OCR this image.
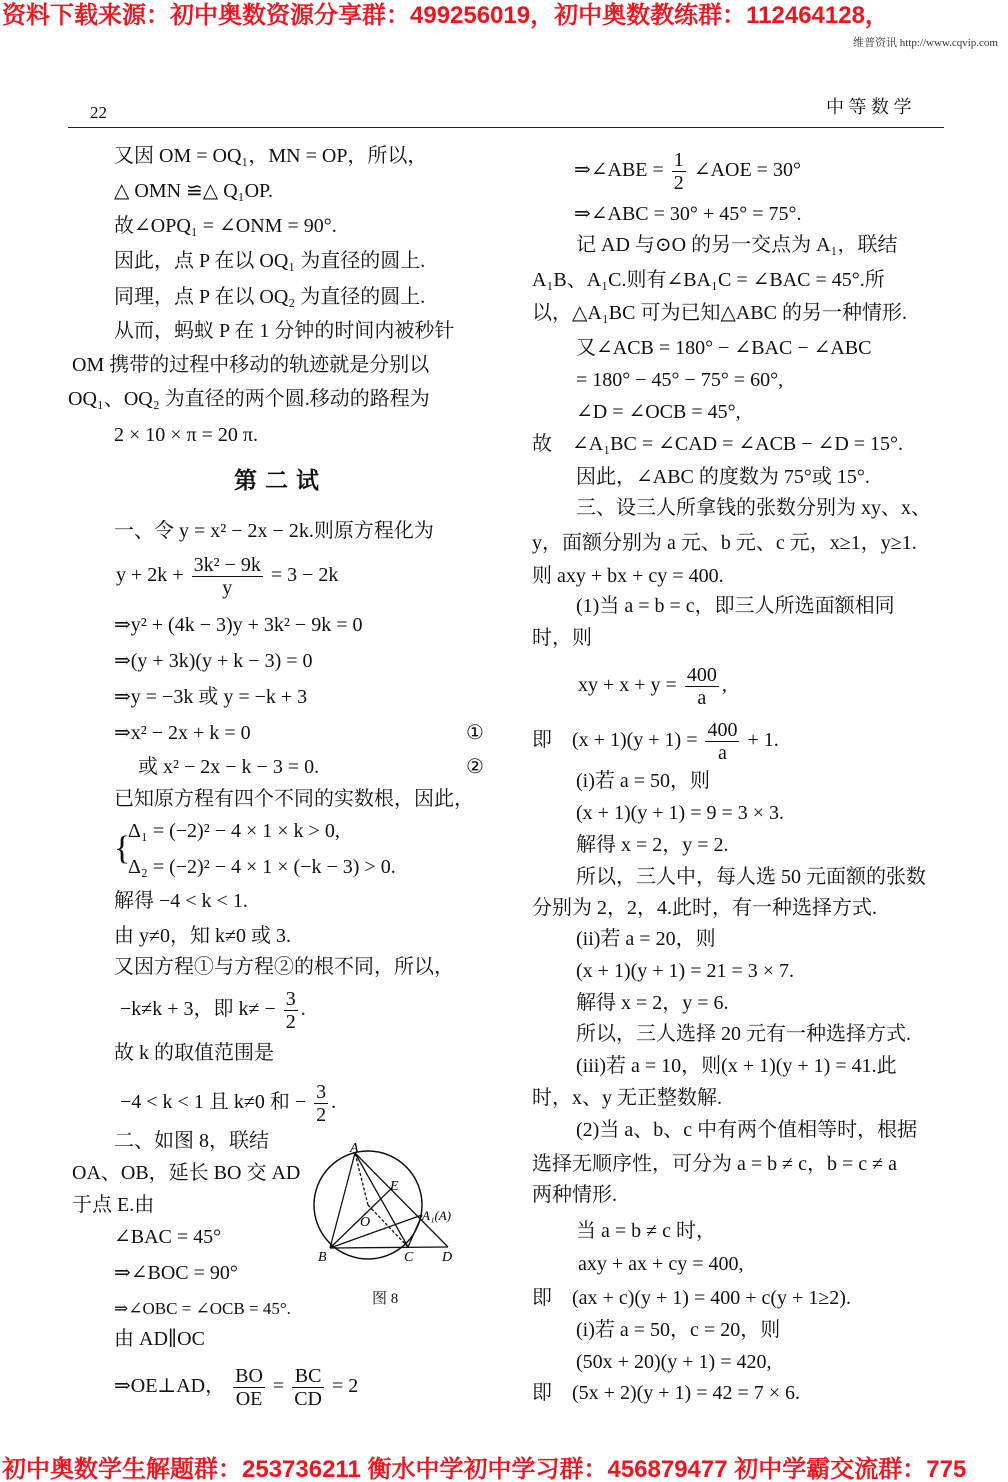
资料下载来源：初中奥数资源分享群：499256019，初中奥数教练群：112464128，
维普资讯 http://www.cqvip.com
22	中 等 数 学
又因 OM = OQ₁，MN = OP，所以，
△ OMN ≌△ Q₁OP.
故∠OPQ₁ = ∠ONM = 90°.
因此，点 P 在以 OQ₁ 为直径的圆上.
同理，点 P 在以 OQ₂ 为直径的圆上.
从而，蚂蚁 P 在 1 分钟的时间内被秒针
OM 携带的过程中移动的轨迹就是分别以
OQ₁、OQ₂ 为直径的两个圆.移动的路程为
2 × 10 × π = 20 π.
第 二 试
一、令 y = x² − 2x − 2k.则原方程化为
$y + 2k + \frac{\text{3k² − 9k}}{y} = 3 - 2k$
⇒y² + (4k − 3)y + 3k² − 9k = 0
⇒(y + 3k)(y + k − 3) = 0
⇒y = −3k 或 y = −k + 3
⇒x² − 2x + k = 0	①
或 x² − 2x − k − 3 = 0.	②
已知原方程有四个不同的实数根，因此，
{
Δ₁ = (−2)² − 4 × 1 × k > 0,
Δ₂ = (−2)² − 4 × 1 × (−k − 3) > 0.
解得 −4 < k < 1.
由 y≠0，知 k≠0 或 3.
又因方程①与方程②的根不同，所以，
−k≠k + 3，即 $k\ne - \frac{3}{2}$ .
故 k 的取值范围是
−4 < k < 1 且 k≠0 和 − $\frac{3}{2}$ .
二、如图 8，联结
OA、OB，延长 BO 交 AD
于点 E.由
∠BAC = 45°
⇒∠BOC = 90°
⇒∠OBC = ∠OCB = 45°.
由 AD∥OC
⇒OE⊥AD， $\frac{BO}{OE} = \frac{BC}{CD} = 2$
A
E
O	A₁(A)
B	C D
图 8
⇒∠ABE = $\frac{1}{2}$ ∠AOE = 30°
⇒∠ABC = 30° + 45° = 75°.
记 AD 与⊙O 的另一交点为 A₁，联结
A₁B、A₁C.则有∠BA₁C = ∠BAC = 45°.所
以，△A₁BC 可为已知△ABC 的另一种情形.
又∠ACB = 180° − ∠BAC − ∠ABC
= 180° − 45° − 75° = 60°,
∠D = ∠OCB = 45°,
故　∠A₁BC = ∠CAD = ∠ACB − ∠D = 15°.
因此，∠ABC 的度数为 75°或 15°.
三、设三人所拿钱的张数分别为 xy、x、
y，面额分别为 a 元、b 元、c 元，x≥1，y≥1.
则 axy + bx + cy = 400.
(1)当 a = b = c，即三人所选面额相同
时，则
xy + $x + y = \frac{400}{a}$ ,
即　$(x + 1)(y + 1) = \frac{400}{a} + 1$.
(i)若 a = 50，则
(x + 1)(y + 1) = 9 = 3 × 3.
解得 x = 2，y = 2.
所以，三人中，每人选 50 元面额的张数
分别为 2，2，4.此时，有一种选择方式.
(ii)若 a = 20，则
(x + 1)(y + 1) = 21 = 3 × 7.
解得 x = 2，y = 6.
所以，三人选择 20 元有一种选择方式.
(iii)若 a = 10，则(x + 1)(y + 1) = 41.此
时，x、y 无正整数解.
(2)当 a、b、c 中有两个值相等时，根据
选择无顺序性，可分为 a = b ≠ c，b = c ≠ a
两种情形.
当 a = b ≠ c 时，
axy + ax + cy = 400,
即　(ax + c)(y + 1) = 400 + c(y + 1≥2).
(i)若 a = 50，c = 20，则
(50x + 20)(y + 1) = 420,
即　(5x + 2)(y + 1) = 42 = 7 × 6.
初中奥数学生解题群：253736211 衡水中学初中学习群：456879477 初中学霸交流群：775
